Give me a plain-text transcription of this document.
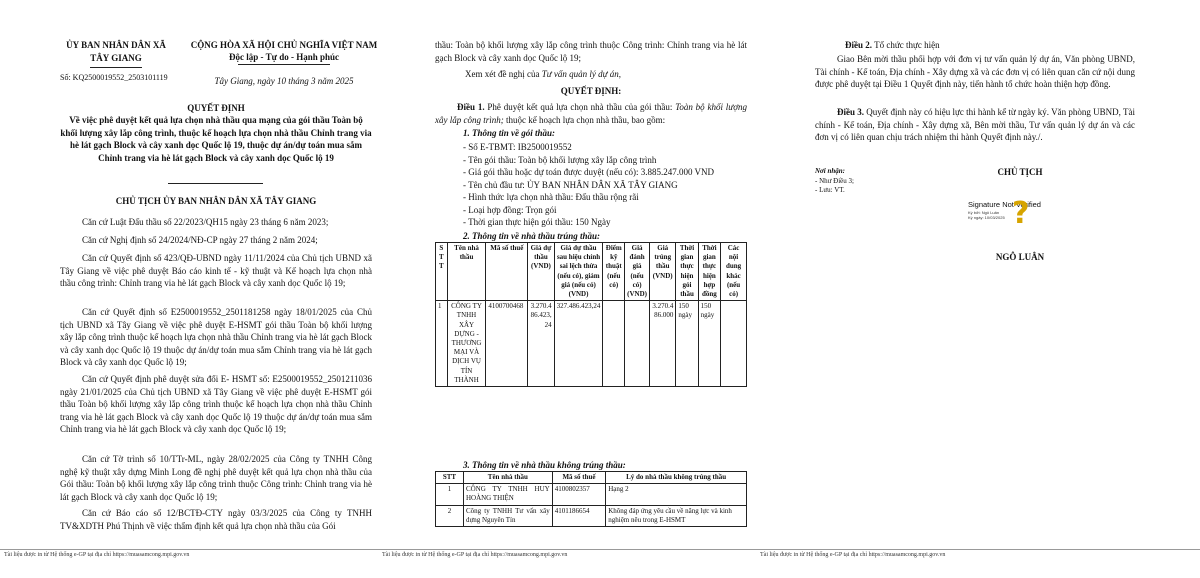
ỦY BAN NHÂN DÂN XÃ
TÂY GIANG
Số: KQ2500019552_2503101119
CỘNG HÒA XÃ HỘI CHỦ NGHĨA VIỆT NAM
Độc lập - Tự do - Hạnh phúc
Tây Giang, ngày 10 tháng 3 năm 2025
QUYẾT ĐỊNH
Về việc phê duyệt kết quả lựa chọn nhà thầu qua mạng của gói thầu Toàn bộ khối lượng xây lắp công trình, thuộc kế hoạch lựa chọn nhà thầu Chỉnh trang via hè lát gạch Block và cây xanh dọc Quốc lộ 19, thuộc dự án/dự toán mua sắm Chỉnh trang via hè lát gạch Block và cây xanh dọc Quốc lộ 19
CHỦ TỊCH ỦY BAN NHÂN DÂN XÃ TÂY GIANG
Căn cứ Luật Đấu thầu số 22/2023/QH15 ngày 23 tháng 6 năm 2023;
Căn cứ Nghị định số 24/2024/NĐ-CP ngày 27 tháng 2 năm 2024;
Căn cứ Quyết định số 423/QĐ-UBND ngày 11/11/2024 của Chủ tịch UBND xã Tây Giang về việc phê duyệt Báo cáo kinh tế - kỹ thuật và Kế hoạch lựa chọn nhà thầu công trình: Chỉnh trang via hè lát gạch Block và cây xanh dọc Quốc lộ 19;
Căn cứ Quyết định số E2500019552_2501181258 ngày 18/01/2025 của Chủ tịch UBND xã Tây Giang về việc phê duyệt E-HSMT gói thầu Toàn bộ khối lượng xây lắp công trình thuộc kế hoạch lựa chọn nhà thầu Chỉnh trang via hè lát gạch Block và cây xanh dọc Quốc lộ 19 thuộc dự án/dự toán mua sắm Chỉnh trang via hè lát gạch Block và cây xanh dọc Quốc lộ 19;
Căn cứ Quyết định phê duyệt sửa đổi E- HSMT số: E2500019552_2501211036 ngày 21/01/2025 của Chủ tịch UBND xã Tây Giang về việc phê duyệt E-HSMT gói thầu Toàn bộ khối lượng xây lắp công trình thuộc kế hoạch lựa chọn nhà thầu Chỉnh trang via hè lát gạch Block và cây xanh dọc Quốc lộ 19 thuộc dự án/dự toán mua sắm Chỉnh trang via hè lát gạch Block và cây xanh dọc Quốc lộ 19;
Căn cứ Tờ trình số 10/TTr-ML, ngày 28/02/2025 của Công ty TNHH Công nghệ kỹ thuật xây dựng Minh Long đề nghị phê duyệt kết quả lựa chọn nhà thầu của Gói thầu: Toàn bộ khối lượng xây lắp công trình thuộc Công trình: Chỉnh trang via hè lát gạch Block và cây xanh dọc Quốc lộ 19;
Căn cứ Báo cáo số 12/BCTĐ-CTY ngày 03/3/2025 của Công ty TNHH TV&XDTH Phú Thịnh về việc thẩm định kết quả lựa chọn nhà thầu của Gói
thầu: Toàn bộ khối lượng xây lắp công trình thuộc Công trình: Chỉnh trang via hè lát gạch Block và cây xanh dọc Quốc lộ 19;
Xem xét đề nghị của Tư vấn quản lý dự án,
QUYẾT ĐỊNH:
Điều 1. Phê duyệt kết quả lựa chọn nhà thầu của gói thầu: Toàn bộ khối lượng xây lắp công trình; thuộc kế hoạch lựa chọn nhà thầu, bao gồm:
1. Thông tin về gói thầu:
- Số E-TBMT: IB2500019552
- Tên gói thầu: Toàn bộ khối lượng xây lắp công trình
- Giá gói thầu hoặc dự toán được duyệt (nếu có): 3.885.247.000 VND
- Tên chủ đầu tư: ỦY BAN NHÂN DÂN XÃ TÂY GIANG
- Hình thức lựa chọn nhà thầu: Đấu thầu rộng rãi
- Loại hợp đồng: Trọn gói
- Thời gian thực hiện gói thầu: 150 Ngày
2. Thông tin về nhà thầu trúng thầu:
S T T	Tên nhà thầu	Mã số thuế	Giá dự thầu (VND)	Giá dự thầu sau hiệu chỉnh sai lệch thừa (nếu có), giảm giá (nếu có) (VND)	Điểm kỹ thuật (nếu có)	Giá đánh giá (nếu có) (VND)	Giá trúng thầu (VND)	Thời gian thực hiện gói thầu	Thời gian thực hiện hợp đồng	Các nội dung khác (nếu có)
1	CÔNG TY TNHH XÂY DỰNG - THƯƠNG MẠI VÀ DỊCH VỤ TÍN THÀNH	4100700468	3.270.486.423,24	327.486.423,24			3.270.486.000	150 ngày	150 ngày	
3. Thông tin về nhà thầu không trúng thầu:
STT	Tên nhà thầu	Mã số thuế	Lý do nhà thầu không trúng thầu
1	CÔNG TY TNHH HUY HOÀNG THIỆN	4100802357	Hạng 2
2	Công ty TNHH Tư vấn xây dựng Nguyên Tín	4101186654	Không đáp ứng yêu cầu về năng lực và kinh nghiệm nêu trong E-HSMT
Điều 2. Tổ chức thực hiện
Giao Bên mời thầu phối hợp với đơn vị tư vấn quản lý dự án, Văn phòng UBND, Tài chính - Kế toán, Địa chính - Xây dựng xã và các đơn vị có liên quan căn cứ nội dung được phê duyệt tại Điều 1 Quyết định này, tiến hành tổ chức hoàn thiện hợp đồng.
Điều 3. Quyết định này có hiệu lực thi hành kể từ ngày ký. Văn phòng UBND, Tài chính - Kế toán, Địa chính - Xây dựng xã, Bên mời thầu, Tư vấn quản lý dự án và các đơn vị có liên quan chịu trách nhiệm thi hành Quyết định này./.
Nơi nhận:
- Như Điều 3;
- Lưu: VT.
CHỦ TỊCH
Signature Not Verified
Ký bởi: Ngô Luân
Ký ngày: 10/03/2025 ?
NGÔ LUÂN
Tài liệu được in từ Hệ thống e-GP tại địa chỉ https://muasamcong.mpi.gov.vn	Tài liệu được in từ Hệ thống e-GP tại địa chỉ https://muasamcong.mpi.gov.vn	Tài liệu được in từ Hệ thống e-GP tại địa chỉ https://muasamcong.mpi.gov.vn
